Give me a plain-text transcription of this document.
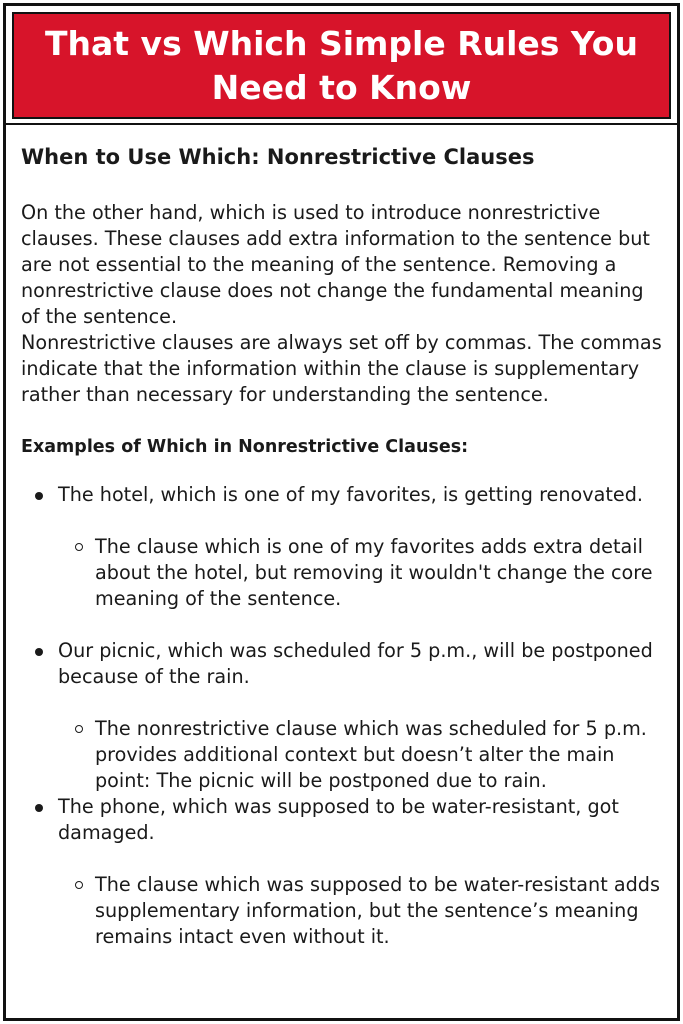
That vs Which Simple Rules You
Need to Know
When to Use Which: Nonrestrictive Clauses

On the other hand, which is used to introduce nonrestrictive clauses. These clauses add extra information to the sentence but are not essential to the meaning of the sentence. Removing a nonrestrictive clause does not change the fundamental meaning of the sentence.

Nonrestrictive clauses are always set off by commas. The commas indicate that the information within the clause is supplementary rather than necessary for understanding the sentence.

Examples of Which in Nonrestrictive Clauses:
The hotel, which is one of my favorites, is getting renovated.
The clause which is one of my favorites adds extra detail about the hotel, but removing it wouldn't change the core meaning of the sentence.
Our picnic, which was scheduled for 5 p.m., will be postponed because of the rain.
The nonrestrictive clause which was scheduled for 5 p.m. provides additional context but doesn’t alter the main point: The picnic will be postponed due to rain.
The phone, which was supposed to be water-resistant, got damaged.
The clause which was supposed to be water-resistant adds supplementary information, but the sentence’s meaning remains intact even without it.
